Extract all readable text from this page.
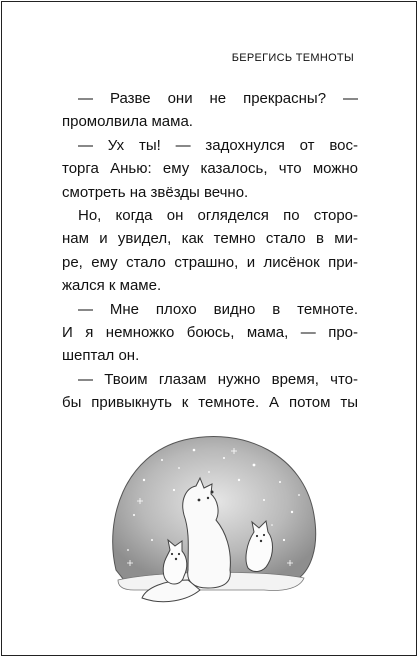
БЕРЕГИСЬ ТЕМНОТЫ
— Разве они не прекрасны? —
промолвила мама.
— Ух ты! — задохнулся от вос-
торга Анью: ему казалось, что можно
смотреть на звёзды вечно.
Но, когда он огляделся по сторо-
нам и увидел, как темно стало в ми-
ре, ему стало страшно, и лисёнок при-
жался к маме.
— Мне плохо видно в темноте.
И я немножко боюсь, мама, — про-
шептал он.
— Твоим глазам нужно время, что-
бы привыкнуть к темноте. А потом ты
